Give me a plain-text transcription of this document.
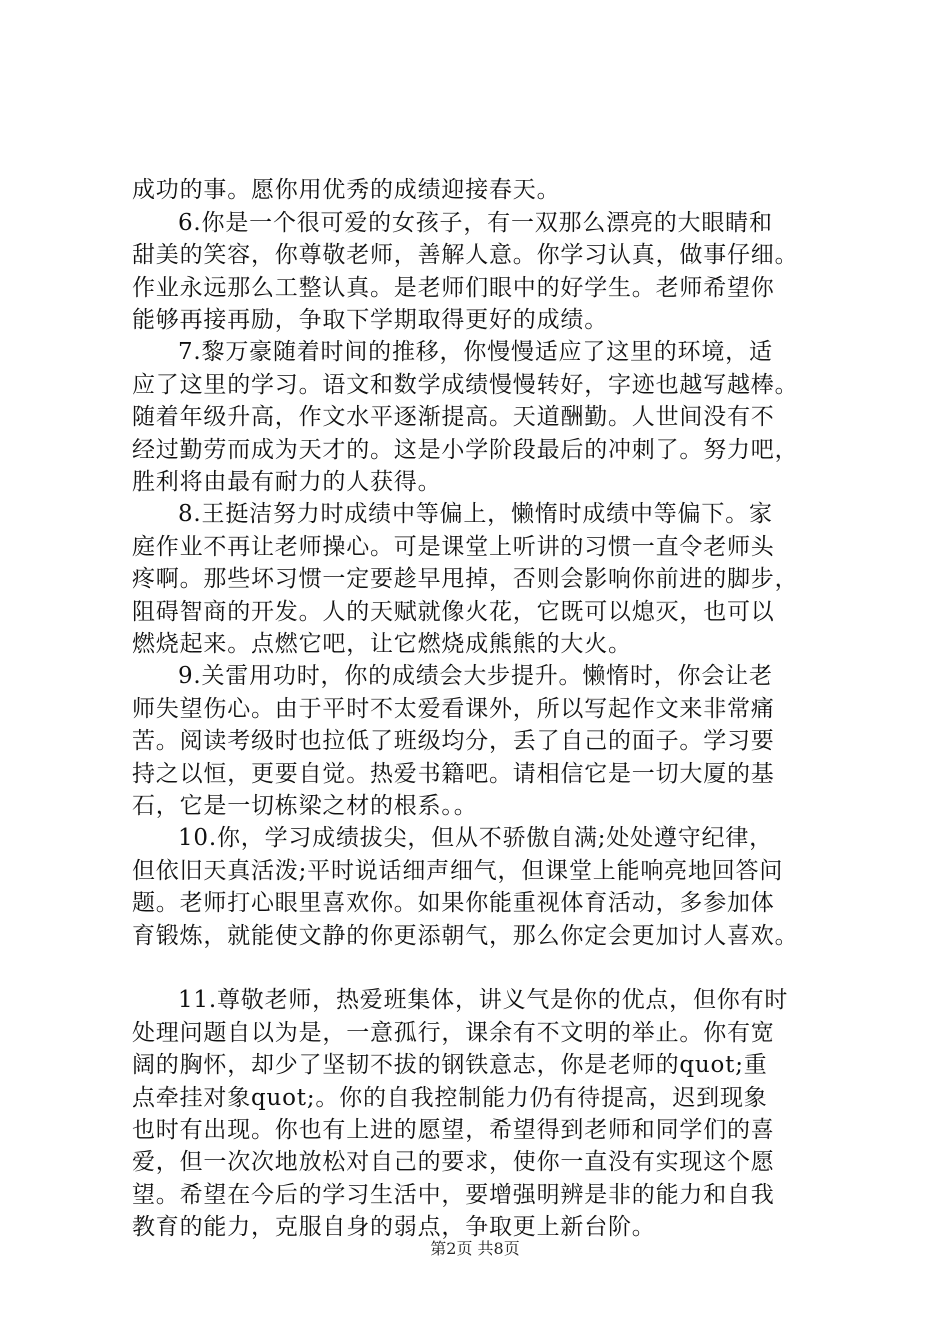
成功的事。愿你用优秀的成绩迎接春天。
6.你是一个很可爱的女孩子，有一双那么漂亮的大眼睛和
甜美的笑容，你尊敬老师，善解人意。你学习认真，做事仔细。
作业永远那么工整认真。是老师们眼中的好学生。老师希望你
能够再接再励，争取下学期取得更好的成绩。
7.黎万豪随着时间的推移，你慢慢适应了这里的环境，适
应了这里的学习。语文和数学成绩慢慢转好，字迹也越写越棒。
随着年级升高，作文水平逐渐提高。天道酬勤。人世间没有不
经过勤劳而成为天才的。这是小学阶段最后的冲刺了。努力吧，
胜利将由最有耐力的人获得。
8.王挺洁努力时成绩中等偏上，懒惰时成绩中等偏下。家
庭作业不再让老师操心。可是课堂上听讲的习惯一直令老师头
疼啊。那些坏习惯一定要趁早甩掉，否则会影响你前进的脚步，
阻碍智商的开发。人的天赋就像火花，它既可以熄灭，也可以
燃烧起来。点燃它吧，让它燃烧成熊熊的大火。
9.关雷用功时，你的成绩会大步提升。懒惰时，你会让老
师失望伤心。由于平时不太爱看课外，所以写起作文来非常痛
苦。阅读考级时也拉低了班级均分，丢了自己的面子。学习要
持之以恒，更要自觉。热爱书籍吧。请相信它是一切大厦的基
石，它是一切栋梁之材的根系。。
10.你，学习成绩拔尖，但从不骄傲自满;处处遵守纪律，
但依旧天真活泼;平时说话细声细气，但课堂上能响亮地回答问
题。老师打心眼里喜欢你。如果你能重视体育活动，多参加体
育锻炼，就能使文静的你更添朝气，那么你定会更加讨人喜欢。
11.尊敬老师，热爱班集体，讲义气是你的优点，但你有时
处理问题自以为是，一意孤行，课余有不文明的举止。你有宽
阔的胸怀，却少了坚韧不拔的钢铁意志，你是老师的quot;重
点牵挂对象quot;。你的自我控制能力仍有待提高，迟到现象
也时有出现。你也有上进的愿望，希望得到老师和同学们的喜
爱，但一次次地放松对自己的要求，使你一直没有实现这个愿
望。希望在今后的学习生活中，要增强明辨是非的能力和自我
教育的能力，克服自身的弱点，争取更上新台阶。
第2页 共8页
